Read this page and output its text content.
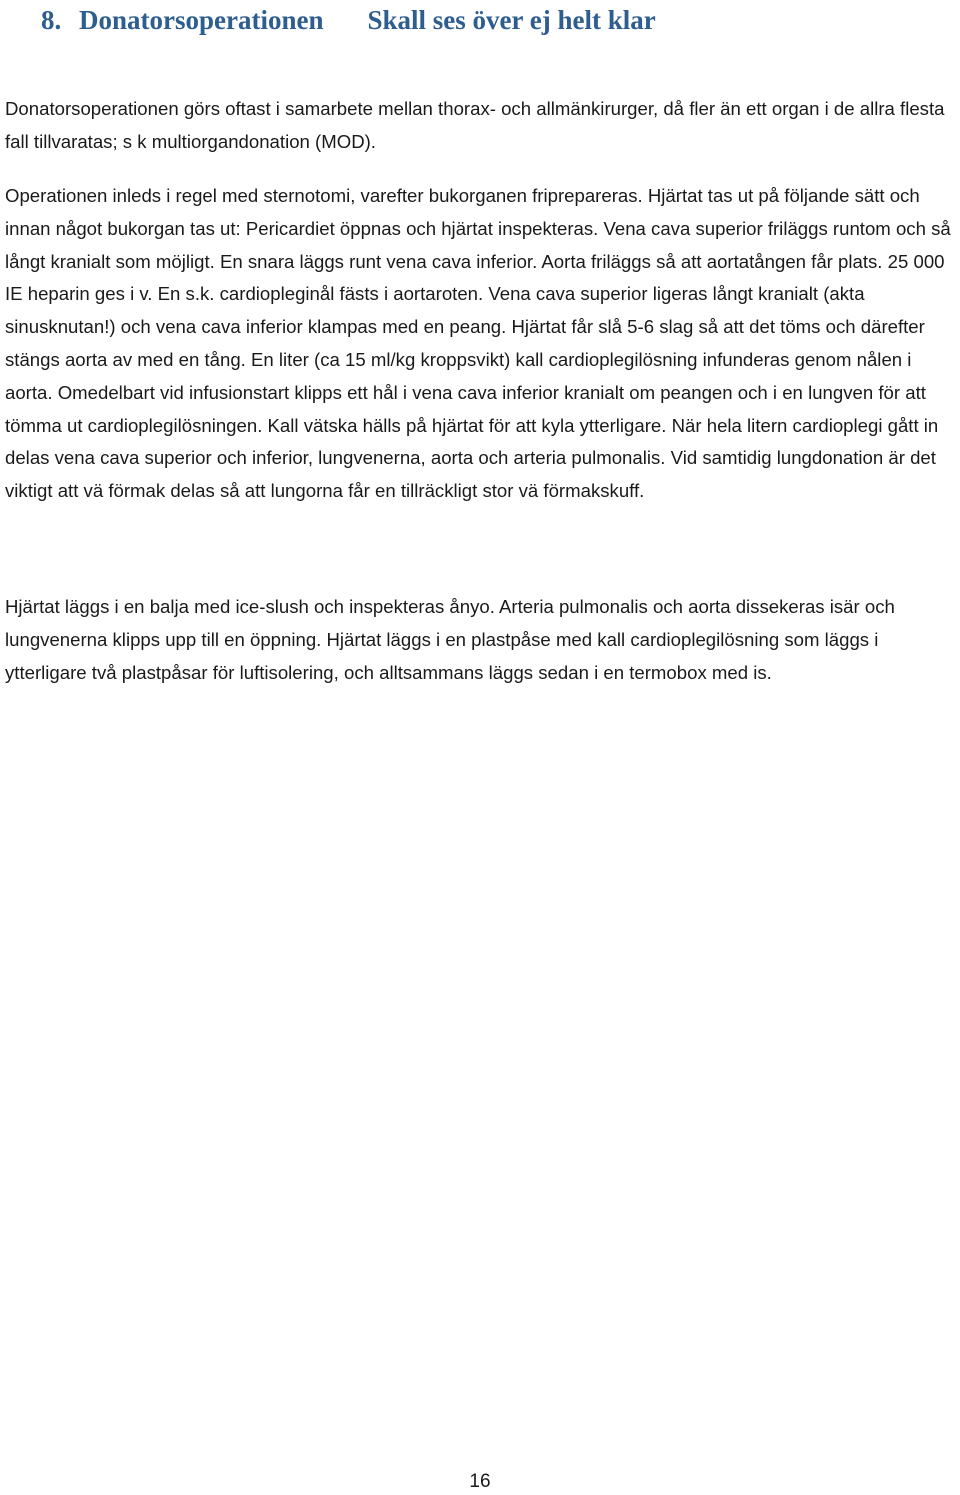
8. Donatorsoperationen Skall ses över ej helt klar

Donatorsoperationen görs oftast i samarbete mellan thorax- och allmänkirurger, då fler än ett organ i de allra flesta fall tillvaratas; s k multiorgandonation (MOD).

Operationen inleds i regel med sternotomi, varefter bukorganen friprepareras. Hjärtat tas ut på följande sätt och innan något bukorgan tas ut: Pericardiet öppnas och hjärtat inspekteras. Vena cava superior friläggs runtom och så långt kranialt som möjligt. En snara läggs runt vena cava inferior. Aorta friläggs så att aortatången får plats. 25 000 IE heparin ges i v. En s.k. cardiopleginål fästs i aortaroten. Vena cava superior ligeras långt kranialt (akta sinusknutan!) och vena cava inferior klampas med en peang. Hjärtat får slå 5-6 slag så att det töms och därefter stängs aorta av med en tång. En liter (ca 15 ml/kg kroppsvikt) kall cardioplegilösning infunderas genom nålen i aorta. Omedelbart vid infusionstart klipps ett hål i vena cava inferior kranialt om peangen och i en lungven för att tömma ut cardioplegilösningen. Kall vätska hälls på hjärtat för att kyla ytterligare. När hela litern cardioplegi gått in delas vena cava superior och inferior, lungvenerna, aorta och arteria pulmonalis. Vid samtidig lungdonation är det viktigt att vä förmak delas så att lungorna får en tillräckligt stor vä förmakskuff.

Hjärtat läggs i en balja med ice-slush och inspekteras ånyo. Arteria pulmonalis och aorta dissekeras isär och lungvenerna klipps upp till en öppning. Hjärtat läggs i en plastpåse med kall cardioplegilösning som läggs i ytterligare två plastpåsar för luftisolering, och alltsammans läggs sedan i en termobox med is.

16
